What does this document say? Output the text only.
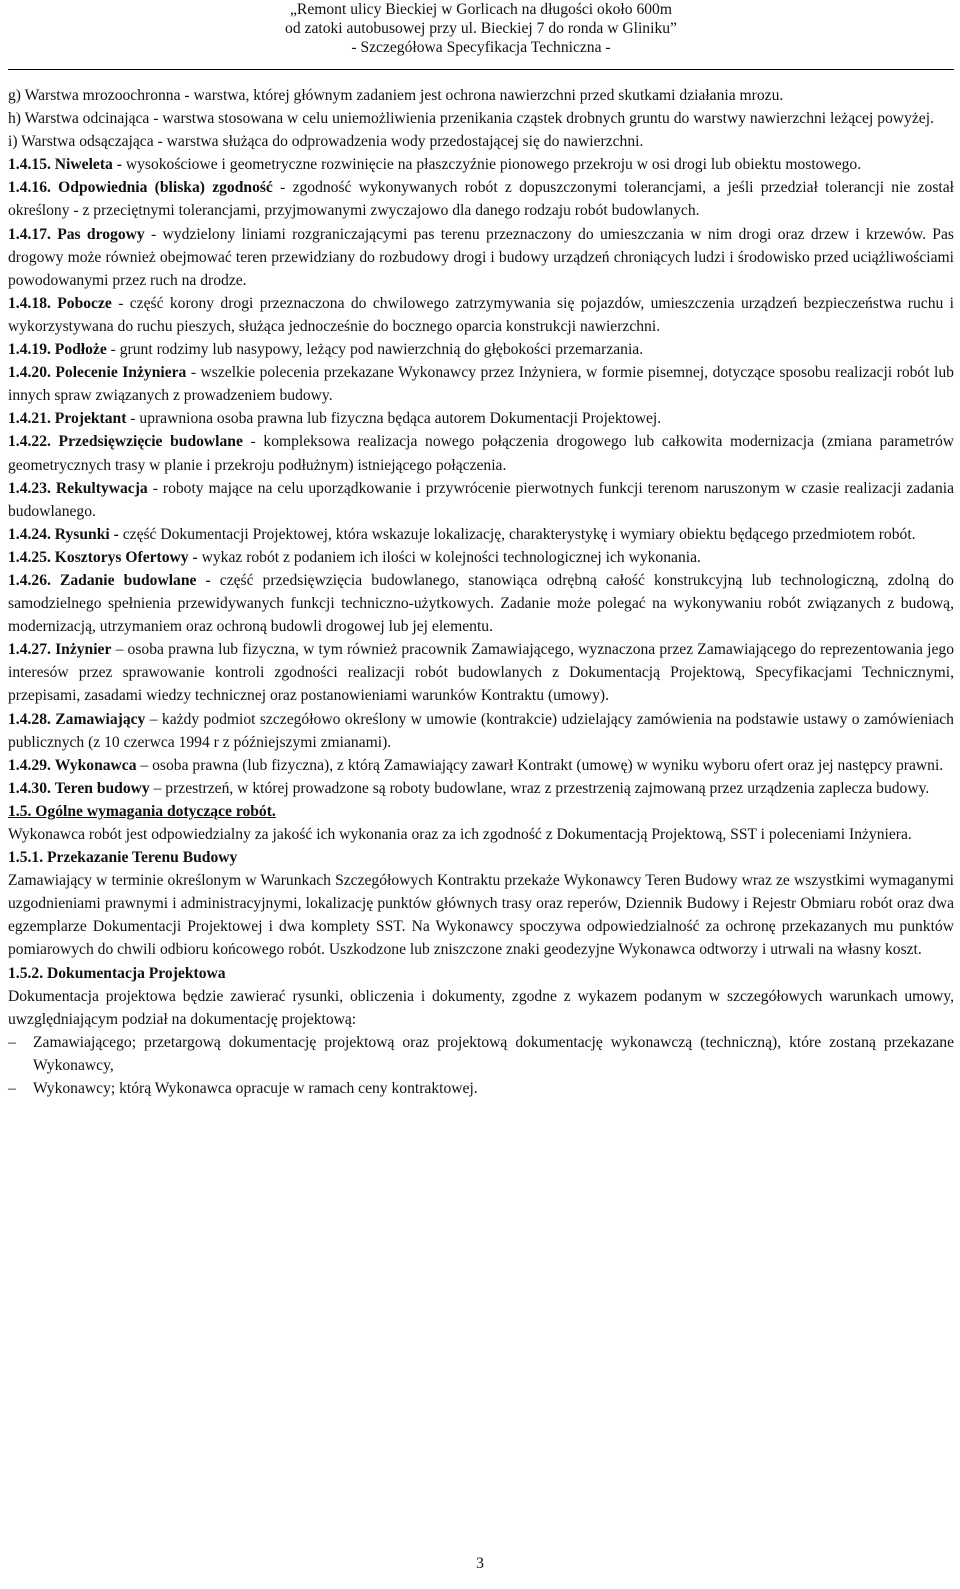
„Remont ulicy Bieckiej w Gorlicach na długości około 600m
od zatoki autobusowej przy ul. Bieckiej 7 do ronda w Gliniku”
- Szczegółowa Specyfikacja Techniczna -

g) Warstwa mrozoochronna - warstwa, której głównym zadaniem jest ochrona nawierzchni przed skutkami działania mrozu.

h) Warstwa odcinająca - warstwa stosowana w celu uniemożliwienia przenikania cząstek drobnych gruntu do warstwy nawierzchni leżącej powyżej.

i) Warstwa odsączająca - warstwa służąca do odprowadzenia wody przedostającej się do nawierzchni.

1.4.15. Niweleta - wysokościowe i geometryczne rozwinięcie na płaszczyźnie pionowego przekroju w osi drogi lub obiektu mostowego.

1.4.16. Odpowiednia (bliska) zgodność - zgodność wykonywanych robót z dopuszczonymi tolerancjami, a jeśli przedział tolerancji nie został określony - z przeciętnymi tolerancjami, przyjmowanymi zwyczajowo dla danego rodzaju robót budowlanych.

1.4.17. Pas drogowy - wydzielony liniami rozgraniczającymi pas terenu przeznaczony do umieszczania w nim drogi oraz drzew i krzewów. Pas drogowy może również obejmować teren przewidziany do rozbudowy drogi i budowy urządzeń chroniących ludzi i środowisko przed uciążliwościami powodowanymi przez ruch na drodze.

1.4.18. Pobocze - część korony drogi przeznaczona do chwilowego zatrzymywania się pojazdów, umieszczenia urządzeń bezpieczeństwa ruchu i wykorzystywana do ruchu pieszych, służąca jednocześnie do bocznego oparcia konstrukcji nawierzchni.

1.4.19. Podłoże - grunt rodzimy lub nasypowy, leżący pod nawierzchnią do głębokości przemarzania.

1.4.20. Polecenie Inżyniera - wszelkie polecenia przekazane Wykonawcy przez Inżyniera, w formie pisemnej, dotyczące sposobu realizacji robót lub innych spraw związanych z prowadzeniem budowy.

1.4.21. Projektant - uprawniona osoba prawna lub fizyczna będąca autorem Dokumentacji Projektowej.

1.4.22. Przedsięwzięcie budowlane - kompleksowa realizacja nowego połączenia drogowego lub całkowita modernizacja (zmiana parametrów geometrycznych trasy w planie i przekroju podłużnym) istniejącego połączenia.

1.4.23. Rekultywacja - roboty mające na celu uporządkowanie i przywrócenie pierwotnych funkcji terenom naruszonym w czasie realizacji zadania budowlanego.

1.4.24. Rysunki - część Dokumentacji Projektowej, która wskazuje lokalizację, charakterystykę i wymiary obiektu będącego przedmiotem robót.

1.4.25. Kosztorys Ofertowy - wykaz robót z podaniem ich ilości w kolejności technologicznej ich wykonania.

1.4.26. Zadanie budowlane - część przedsięwzięcia budowlanego, stanowiąca odrębną całość konstrukcyjną lub technologiczną, zdolną do samodzielnego spełnienia przewidywanych funkcji techniczno-użytkowych. Zadanie może polegać na wykonywaniu robót związanych z budową, modernizacją, utrzymaniem oraz ochroną budowli drogowej lub jej elementu.

1.4.27. Inżynier – osoba prawna lub fizyczna, w tym również pracownik Zamawiającego, wyznaczona przez Zamawiającego do reprezentowania jego interesów przez sprawowanie kontroli zgodności realizacji robót budowlanych z Dokumentacją Projektową, Specyfikacjami Technicznymi, przepisami, zasadami wiedzy technicznej oraz postanowieniami warunków Kontraktu (umowy).

1.4.28. Zamawiający – każdy podmiot szczegółowo określony w umowie (kontrakcie) udzielający zamówienia na podstawie ustawy o zamówieniach publicznych (z 10 czerwca 1994 r z późniejszymi zmianami).

1.4.29. Wykonawca – osoba prawna (lub fizyczna), z którą Zamawiający zawarł Kontrakt (umowę) w wyniku wyboru ofert oraz jej następcy prawni.

1.4.30. Teren budowy – przestrzeń, w której prowadzone są roboty budowlane, wraz z przestrzenią zajmowaną przez urządzenia zaplecza budowy.

1.5. Ogólne wymagania dotyczące robót.

Wykonawca robót jest odpowiedzialny za jakość ich wykonania oraz za ich zgodność z Dokumentacją Projektową, SST i poleceniami Inżyniera.

1.5.1. Przekazanie Terenu Budowy

Zamawiający w terminie określonym w Warunkach Szczegółowych Kontraktu przekaże Wykonawcy Teren Budowy wraz ze wszystkimi wymaganymi uzgodnieniami prawnymi i administracyjnymi, lokalizację punktów głównych trasy oraz reperów, Dziennik Budowy i Rejestr Obmiaru robót oraz dwa egzemplarze Dokumentacji Projektowej i dwa komplety SST. Na Wykonawcy spoczywa odpowiedzialność za ochronę przekazanych mu punktów pomiarowych do chwili odbioru końcowego robót. Uszkodzone lub zniszczone znaki geodezyjne Wykonawca odtworzy i utrwali na własny koszt.

1.5.2. Dokumentacja Projektowa

Dokumentacja projektowa będzie zawierać rysunki, obliczenia i dokumenty, zgodne z wykazem podanym w szczegółowych warunkach umowy, uwzględniającym podział na dokumentację projektową:

–	Zamawiającego; przetargową dokumentację projektową oraz projektową dokumentację wykonawczą (techniczną), które zostaną przekazane Wykonawcy,
–	Wykonawcy; którą Wykonawca opracuje w ramach ceny kontraktowej.
3
